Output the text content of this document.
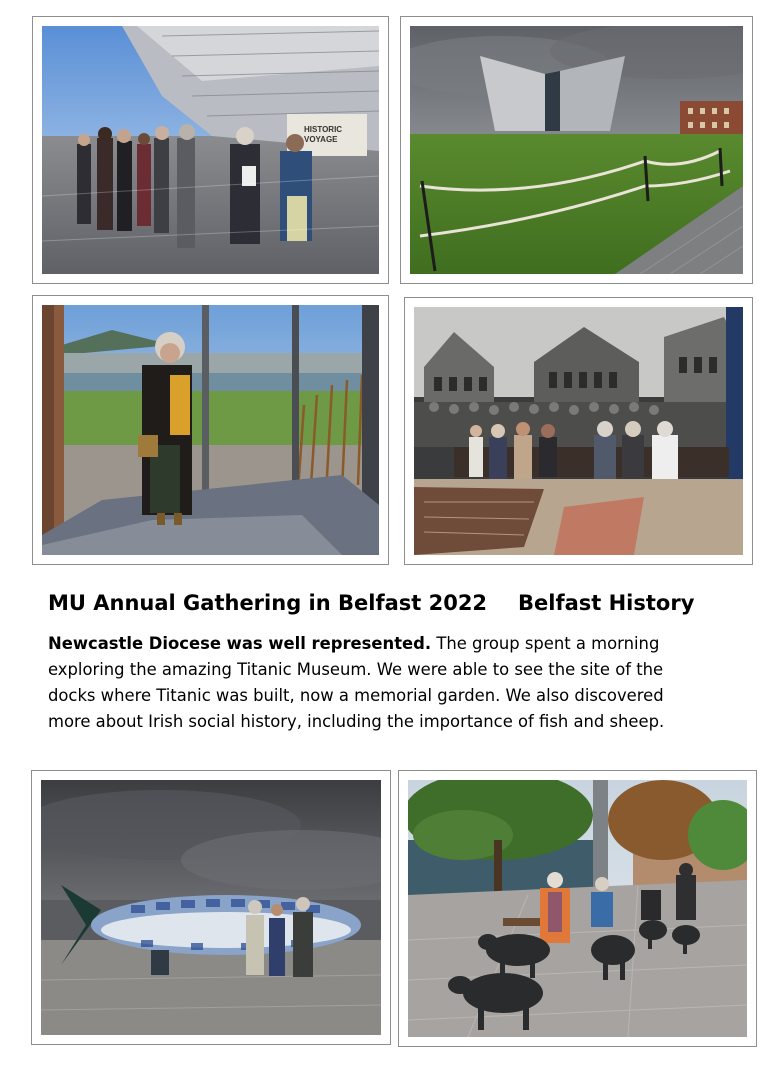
HISTORIC
VOYAGE
MU Annual Gathering in Belfast 2022 Belfast History

Newcastle Diocese was well represented. The group spent a morning

exploring the amazing Titanic Museum. We were able to see the site of the

docks where Titanic was built, now a memorial garden. We also discovered

more about Irish social history, including the importance of fish and sheep.
